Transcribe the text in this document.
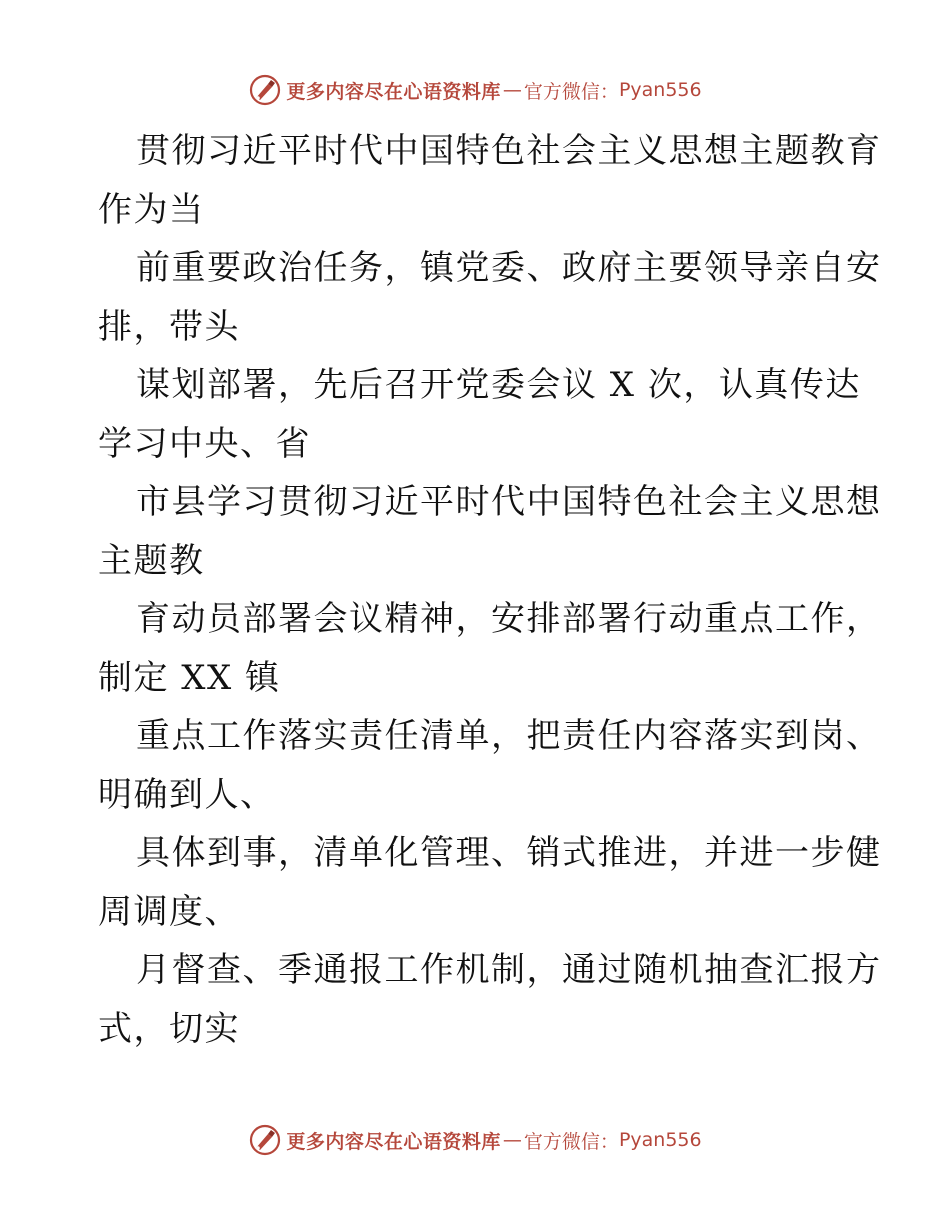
更多内容尽在心语资料库 — 官方微信： Pyan556

贯彻习近平时代中国特色社会主义思想主题教育
作为当

前重要政治任务，镇党委、政府主要领导亲自安
排，带头

谋划部署，先后召开党委会议 X 次，认真传达
学习中央、省

市县学习贯彻习近平时代中国特色社会主义思想
主题教

育动员部署会议精神，安排部署行动重点工作，
制定 XX 镇

重点工作落实责任清单，把责任内容落实到岗、
明确到人、

具体到事，清单化管理、销式推进，并进一步健
周调度、

月督查、季通报工作机制，通过随机抽查汇报方
式，切实

更多内容尽在心语资料库 — 官方微信： Pyan556
